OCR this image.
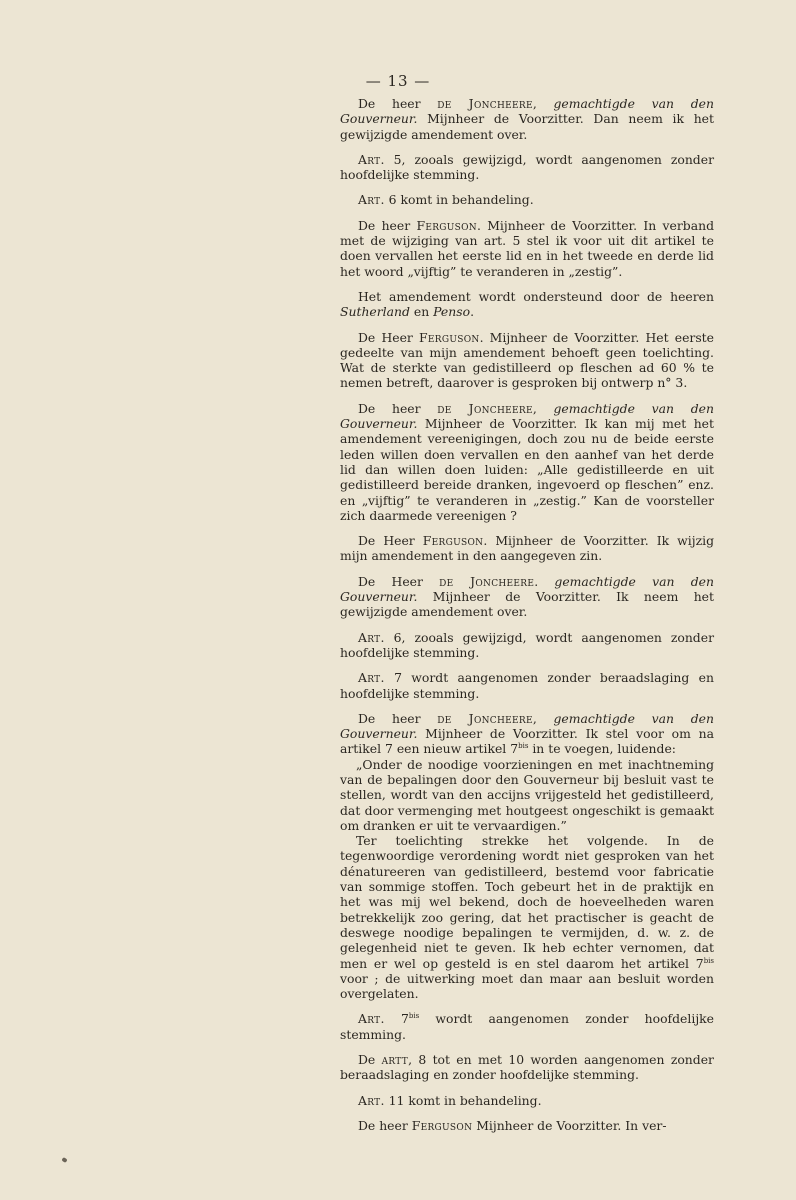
— 13 —

De heer de Joncheere, gemachtigde van den Gouverneur. Mijnheer de Voorzitter. Dan neem ik het gewijzigde amendement over.

Art. 5, zooals gewijzigd, wordt aangenomen zonder hoofdelijke stemming.

Art. 6 komt in behandeling.

De heer Ferguson. Mijnheer de Voorzitter. In verband met de wijziging van art. 5 stel ik voor uit dit artikel te doen vervallen het eerste lid en in het tweede en derde lid het woord „vijftig” te veranderen in „zestig”.

Het amendement wordt ondersteund door de heeren Sutherland en Penso.

De Heer Ferguson. Mijnheer de Voorzitter. Het eerste gedeelte van mijn amendement behoeft geen toelichting. Wat de sterkte van gedistilleerd op fleschen ad 60 % te nemen betreft, daarover is gesproken bij ontwerp n° 3.

De heer de Joncheere, gemachtigde van den Gouverneur. Mijnheer de Voorzitter. Ik kan mij met het amendement vereenigingen, doch zou nu de beide eerste leden willen doen vervallen en den aanhef van het derde lid dan willen doen luiden: „Alle gedistilleerde en uit gedistilleerd bereide dranken, ingevoerd op fleschen” enz. en „vijftig” te veranderen in „zestig.” Kan de voorsteller zich daarmede vereenigen ?

De Heer Ferguson. Mijnheer de Voorzitter. Ik wijzig mijn amendement in den aangegeven zin.

De Heer de Joncheere. gemachtigde van den Gouverneur. Mijnheer de Voorzitter. Ik neem het gewijzigde amendement over.

Art. 6, zooals gewijzigd, wordt aangenomen zonder hoofdelijke stemming.

Art. 7 wordt aangenomen zonder beraadslaging en hoofdelijke stemming.

De heer de Joncheere, gemachtigde van den Gouverneur. Mijnheer de Voorzitter. Ik stel voor om na artikel 7 een nieuw artikel $7^{bis}$ in te voegen, luidende:

„Onder de noodige voorzieningen en met inachtneming van de bepalingen door den Gouverneur bij besluit vast te stellen, wordt van den accijns vrijgesteld het gedistilleerd, dat door vermenging met houtgeest ongeschikt is gemaakt om dranken er uit te vervaardigen.”

Ter toelichting strekke het volgende. In de tegenwoordige verordening wordt niet gesproken van het dénatureeren van gedistilleerd, bestemd voor fabricatie van sommige stoffen. Toch gebeurt het in de praktijk en het was mij wel bekend, doch de hoeveelheden waren betrekkelijk zoo gering, dat het practischer is geacht de deswege noodige bepalingen te vermijden, d. w. z. de gelegenheid niet te geven. Ik heb echter vernomen, dat men er wel op gesteld is en stel daarom het artikel $7^{bis}$ voor ; de uitwerking moet dan maar aan besluit worden overgelaten.

Art. $7^{bis}$ wordt aangenomen zonder hoofdelijke stemming.

De artt, 8 tot en met 10 worden aangenomen zonder beraadslaging en zonder hoofdelijke stemming.

Art. 11 komt in behandeling.

De heer Ferguson Mijnheer de Voorzitter. In ver-
